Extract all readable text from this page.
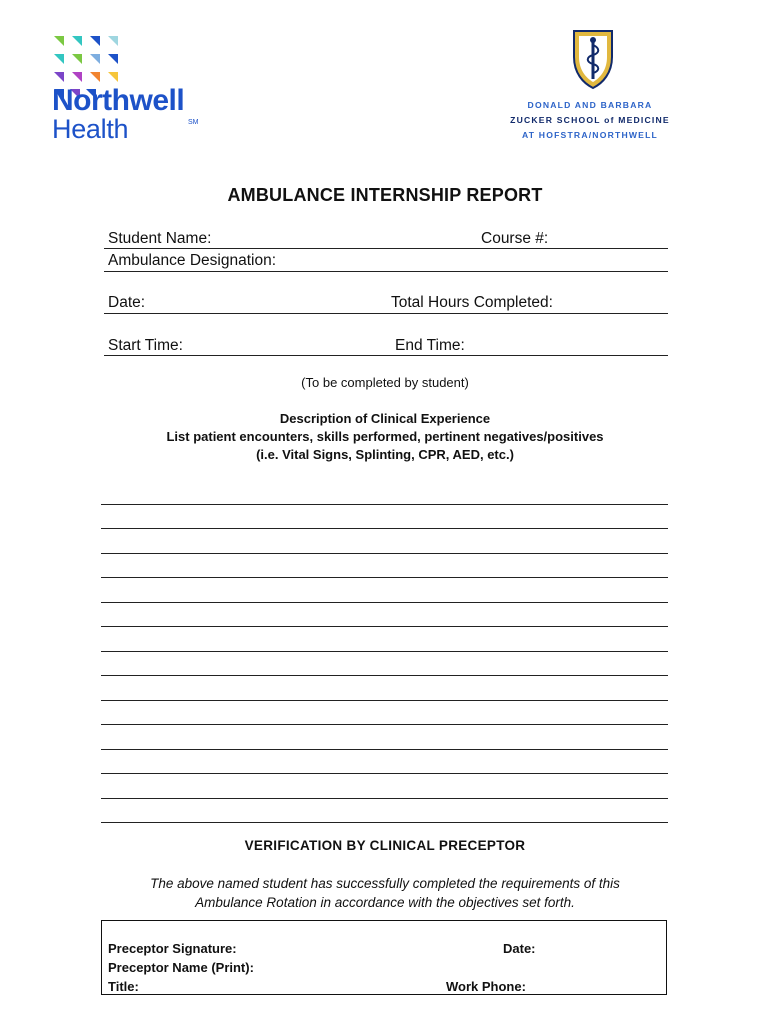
Northwell
Health	SM
DONALD AND BARBARA
ZUCKER SCHOOL of MEDICINE
AT HOFSTRA/NORTHWELL
AMBULANCE INTERNSHIP REPORT
Student Name:	Course #:
Ambulance Designation:
Date:	Total Hours Completed:
Start Time:	End Time:
(To be completed by student)
Description of Clinical Experience
List patient encounters, skills performed, pertinent negatives/positives
(i.e. Vital Signs, Splinting, CPR, AED, etc.)
VERIFICATION BY CLINICAL PRECEPTOR
The above named student has successfully completed the requirements of this
Ambulance Rotation in accordance with the objectives set forth.
Preceptor Signature:	Date:
Preceptor Name (Print):
Title:	Work Phone:
